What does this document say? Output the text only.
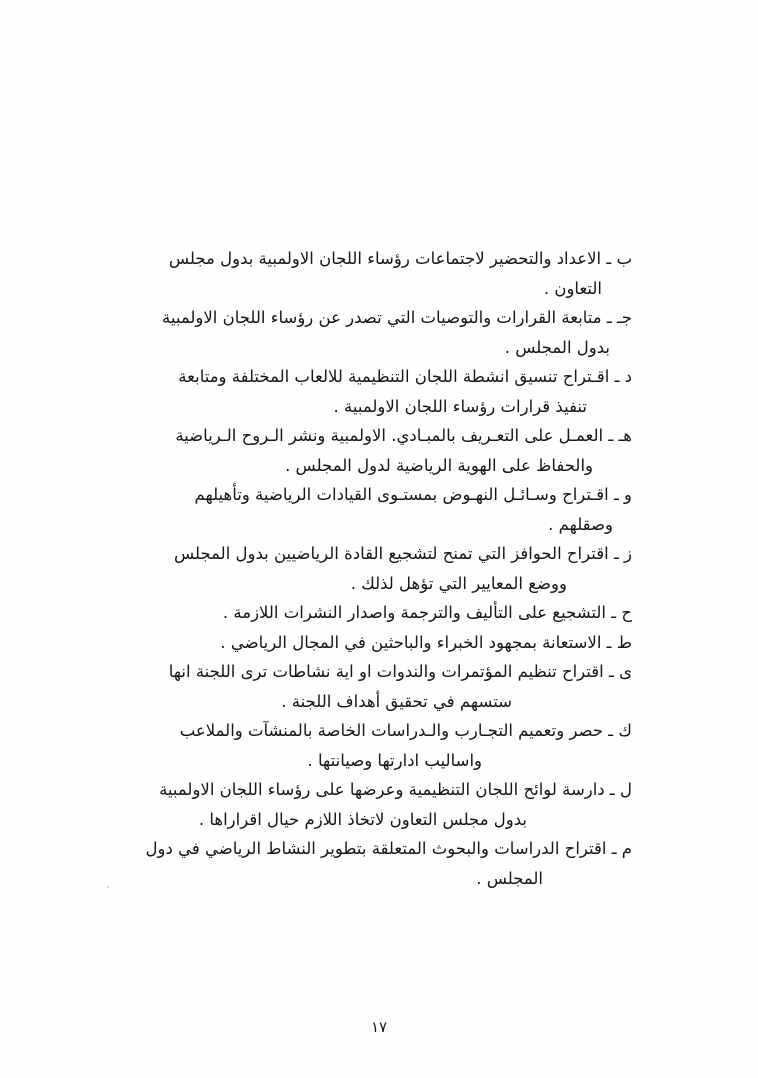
ب ـ الاعداد والتحضير لاجتماعات رؤساء اللجان الاولمبية بدول مجلس
التعاون .
جـ ـ متابعة القرارات والتوصيات التي تصدر عن رؤساء اللجان الاولمبية
بدول المجلس .
د ـ اقـتراح تنسيق انشطة اللجان التنظيمية للالعاب المختلفة ومتابعة
تنفيذ قرارات رؤساء اللجان الاولمبية .
هـ ـ العمـل على التعـريف بالمبـادي. الاولمبية ونشر الـروح الـرياضية
والحفاظ على الهوية الرياضية لدول المجلس .
و ـ اقـتراح وسـائـل النهـوض بمستـوى القيادات الرياضية وتأهيلهم
وصقلهم .
ز ـ اقتراح الحوافز التي تمنح لتشجيع القادة الرياضيين بدول المجلس
ووضع المعايير التي تؤهل لذلك .
ح ـ التشجيع على التأليف والترجمة واصدار النشرات اللازمة .
ط ـ الاستعانة بمجهود الخبراء والباحثين في المجال الرياضي .
ى ـ اقتراح تنظيم المؤتمرات والندوات او اية نشاطات ترى اللجنة انها
ستسهم في تحقيق أهداف اللجنة .
ك ـ حصر وتعميم التجـارب والـدراسات الخاصة بالمنشآت والملاعب
واساليب ادارتها وصيانتها .
ل ـ دارسة لوائح اللجان التنظيمية وعرضها على رؤساء اللجان الاولمبية
بدول مجلس التعاون لاتخاذ اللازم حيال اقراراها .
م ـ اقتراح الدراسات والبحوث المتعلقة بتطوير النشاط الرياضي في دول
المجلس .
١٧
